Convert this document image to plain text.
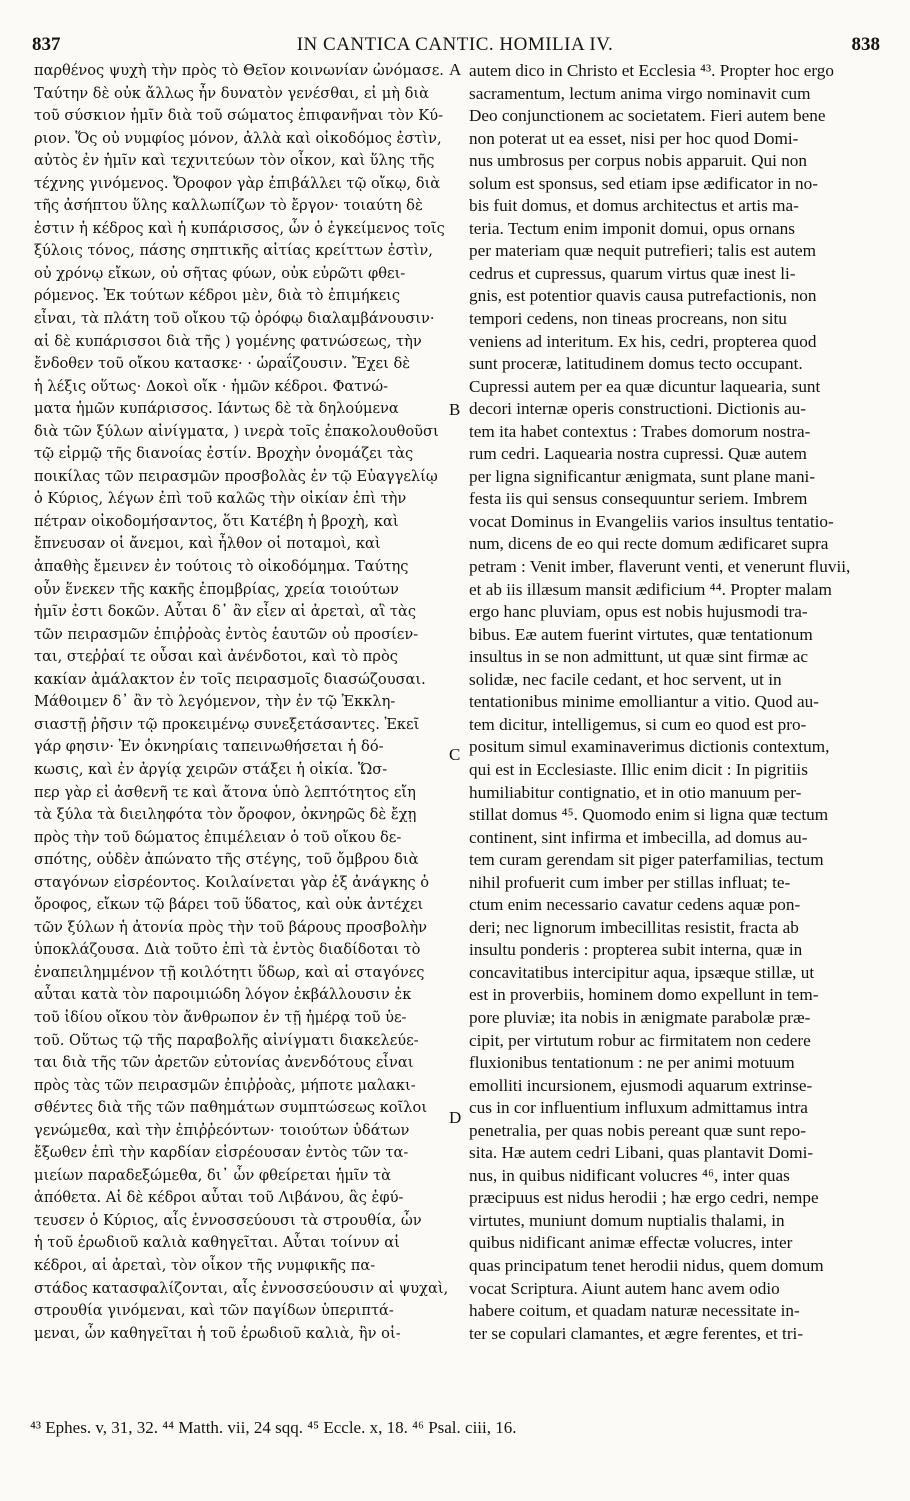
837	IN CANTICA CANTIC. HOMILIA IV.	838
παρθένος ψυχὴ τὴν πρὸς τὸ Θεῖον κοινωνίαν ὠνόμασε.
Ταύτην δὲ οὐκ ἄλλως ἦν δυνατὸν γενέσθαι, εἰ μὴ διὰ
τοῦ σύσκιον ἡμῖν διὰ τοῦ σώματος ἐπιφανῆναι τὸν Κύ-
ριον. Ὅς οὐ νυμφίος μόνον, ἀλλὰ καὶ οἰκοδόμος ἐστὶν,
αὐτὸς ἐν ἡμῖν καὶ τεχνιτεύων τὸν οἶκον, καὶ ὕλης τῆς
τέχνης γινόμενος. Ὄροφον γὰρ ἐπιβάλλει τῷ οἴκῳ, διὰ
τῆς ἀσήπτου ὕλης καλλωπίζων τὸ ἔργον· τοιαύτη δὲ
ἐστιν ἡ κέδρος καὶ ἡ κυπάρισσος, ὧν ὁ ἐγκείμενος τοῖς
ξύλοις τόνος, πάσης σηπτικῆς αἰτίας κρείττων ἐστὶν,
οὐ χρόνῳ εἴκων, οὐ σῆτας φύων, οὐκ εὐρῶτι φθει-
ρόμενος. Ἐκ τούτων κέδροι μὲν, διὰ τὸ ἐπιμήκεις
εἶναι, τὰ πλάτη τοῦ οἴκου τῷ ὀρόφῳ διαλαμβάνουσιν·
αἱ δὲ κυπάρισσοι διὰ τῆς ) γομένης φατνώσεως, τὴν
ἔνδοθεν τοῦ οἴκου κατασκε· · ὡραΐζουσιν. Ἔχει δὲ
ἡ λέξις οὕτως· Δοκοὶ οἴκ · ἡμῶν κέδροι. Φατνώ-
ματα ἡμῶν κυπάρισσος. Ιάντως δὲ τὰ δηλούμενα
διὰ τῶν ξύλων αἰνίγματα, ) ινερὰ τοῖς ἐπακολουθοῦσι
τῷ εἱρμῷ τῆς διανοίας ἐστίν. Βροχὴν ὀνομάζει τὰς
ποικίλας τῶν πειρασμῶν προσβολὰς ἐν τῷ Εὐαγγελίῳ
ὁ Κύριος, λέγων ἐπὶ τοῦ καλῶς τὴν οἰκίαν ἐπὶ τὴν
πέτραν οἰκοδομήσαντος, ὅτι Κατέβη ἡ βροχὴ, καὶ
ἔπνευσαν οἱ ἄνεμοι, καὶ ἦλθον οἱ ποταμοὶ, καὶ
ἀπαθὴς ἔμεινεν ἐν τούτοις τὸ οἰκοδόμημα. Ταύτης
οὖν ἕνεκεν τῆς κακῆς ἐπομβρίας, χρεία τοιούτων
ἡμῖν ἐστι δοκῶν. Αὗται δ᾽ ἂν εἶεν αἱ ἀρεταὶ, αἳ τὰς
τῶν πειρασμῶν ἐπιῤῥοὰς ἐντὸς ἑαυτῶν οὐ προσίεν-
ται, στεῤῥαί τε οὖσαι καὶ ἀνένδοτοι, καὶ τὸ πρὸς
κακίαν ἀμάλακτον ἐν τοῖς πειρασμοῖς διασώζουσαι.
Μάθοιμεν δ᾽ ἂν τὸ λεγόμενον, τὴν ἐν τῷ Ἐκκλη-
σιαστῇ ῥῆσιν τῷ προκειμένῳ συνεξετάσαντες. Ἐκεῖ
γάρ φησιν· Ἐν ὀκνηρίαις ταπεινωθήσεται ἡ δό-
κωσις, καὶ ἐν ἀργίᾳ χειρῶν στάξει ἡ οἰκία. Ὥσ-
περ γὰρ εἰ ἀσθενῆ τε καὶ ἄτονα ὑπὸ λεπτότητος εἴη
τὰ ξύλα τὰ διειληφότα τὸν ὄροφον, ὀκνηρῶς δὲ ἔχῃ
πρὸς τὴν τοῦ δώματος ἐπιμέλειαν ὁ τοῦ οἴκου δε-
σπότης, οὐδὲν ἀπώνατο τῆς στέγης, τοῦ ὄμβρου διὰ
σταγόνων εἰσρέοντος. Κοιλαίνεται γὰρ ἐξ ἀνάγκης ὁ
ὄροφος, εἴκων τῷ βάρει τοῦ ὕδατος, καὶ οὐκ ἀντέχει
τῶν ξύλων ἡ ἀτονία πρὸς τὴν τοῦ βάρους προσβολὴν
ὑποκλάζουσα. Διὰ τοῦτο ἐπὶ τὰ ἐντὸς διαδίδοται τὸ
ἐναπειλημμένον τῇ κοιλότητι ὕδωρ, καὶ αἱ σταγόνες
αὗται κατὰ τὸν παροιμιώδη λόγον ἐκβάλλουσιν ἐκ
τοῦ ἰδίου οἴκου τὸν ἄνθρωπον ἐν τῇ ἡμέρᾳ τοῦ ὑε-
τοῦ. Οὕτως τῷ τῆς παραβολῆς αἰνίγματι διακελεύε-
ται διὰ τῆς τῶν ἀρετῶν εὐτονίας ἀνενδότους εἶναι
πρὸς τὰς τῶν πειρασμῶν ἐπιῤῥοὰς, μήποτε μαλακι-
σθέντες διὰ τῆς τῶν παθημάτων συμπτώσεως κοῖλοι
γενώμεθα, καὶ τὴν ἐπιῤῥεόντων· τοιούτων ὑδάτων
ἔξωθεν ἐπὶ τὴν καρδίαν εἰσρέουσαν ἐντὸς τῶν τα-
μιείων παραδεξώμεθα, δι᾽ ὧν φθείρεται ἡμῖν τὰ
ἀπόθετα. Αἱ δὲ κέδροι αὗται τοῦ Λιβάνου, ἃς ἐφύ-
τευσεν ὁ Κύριος, αἷς ἐννοσσεύουσι τὰ στρουθία, ὧν
ἡ τοῦ ἐρωδιοῦ καλιὰ καθηγεῖται. Αὗται τοίνυν αἱ
κέδροι, αἱ ἀρεταὶ, τὸν οἶκον τῆς νυμφικῆς πα-
στάδος κατασφαλίζονται, αἷς ἐννοσσεύουσιν αἱ ψυχαὶ,
στρουθία γινόμεναι, καὶ τῶν παγίδων ὑπεριπτά-
μεναι, ὧν καθηγεῖται ἡ τοῦ ἐρωδιοῦ καλιὰ, ἣν οἱ-
autem dico in Christo et Ecclesia ⁴³. Propter hoc ergo
sacramentum, lectum anima virgo nominavit cum
Deo conjunctionem ac societatem. Fieri autem bene
non poterat ut ea esset, nisi per hoc quod Domi-
nus umbrosus per corpus nobis apparuit. Qui non
solum est sponsus, sed etiam ipse ædificator in no-
bis fuit domus, et domus architectus et artis ma-
teria. Tectum enim imponit domui, opus ornans
per materiam quæ nequit putrefieri; talis est autem
cedrus et cupressus, quarum virtus quæ inest li-
gnis, est potentior quavis causa putrefactionis, non
tempori cedens, non tineas procreans, non situ
veniens ad interitum. Ex his, cedri, propterea quod
sunt proceræ, latitudinem domus tecto occupant.
Cupressi autem per ea quæ dicuntur laquearia, sunt
decori internæ operis constructioni. Dictionis au-
tem ita habet contextus : Trabes domorum nostra-
rum cedri. Laquearia nostra cupressi. Quæ autem
per ligna significantur ænigmata, sunt plane mani-
festa iis qui sensus consequuntur seriem. Imbrem
vocat Dominus in Evangeliis varios insultus tentatio-
num, dicens de eo qui recte domum ædificaret supra
petram : Venit imber, flaverunt venti, et venerunt fluvii,
et ab iis illæsum mansit ædificium ⁴⁴. Propter malam
ergo hanc pluviam, opus est nobis hujusmodi tra-
bibus. Eæ autem fuerint virtutes, quæ tentationum
insultus in se non admittunt, ut quæ sint firmæ ac
solidæ, nec facile cedant, et hoc servent, ut in
tentationibus minime emolliantur a vitio. Quod au-
tem dicitur, intelligemus, si cum eo quod est pro-
positum simul examinaverimus dictionis contextum,
qui est in Ecclesiaste. Illic enim dicit : In pigritiis
humiliabitur contignatio, et in otio manuum per-
stillat domus ⁴⁵. Quomodo enim si ligna quæ tectum
continent, sint infirma et imbecilla, ad domus au-
tem curam gerendam sit piger paterfamilias, tectum
nihil profuerit cum imber per stillas influat; te-
ctum enim necessario cavatur cedens aquæ pon-
deri; nec lignorum imbecillitas resistit, fracta ab
insultu ponderis : propterea subit interna, quæ in
concavitatibus intercipitur aqua, ipsæque stillæ, ut
est in proverbiis, hominem domo expellunt in tem-
pore pluviæ; ita nobis in ænigmate parabolæ præ-
cipit, per virtutum robur ac firmitatem non cedere
fluxionibus tentationum : ne per animi motuum
emolliti incursionem, ejusmodi aquarum extrinse-
cus in cor influentium influxum admittamus intra
penetralia, per quas nobis pereant quæ sunt repo-
sita. Hæ autem cedri Libani, quas plantavit Domi-
nus, in quibus nidificant volucres ⁴⁶, inter quas
præcipuus est nidus herodii ; hæ ergo cedri, nempe
virtutes, muniunt domum nuptialis thalami, in
quibus nidificant animæ effectæ volucres, inter
quas principatum tenet herodii nidus, quem domum
vocat Scriptura. Aiunt autem hanc avem odio
habere coitum, et quadam naturæ necessitate in-
ter se copulari clamantes, et ægre ferentes, et tri-
A
B
C
D
⁴³ Ephes. v, 31, 32. ⁴⁴ Matth. vii, 24 sqq. ⁴⁵ Eccle. x, 18. ⁴⁶ Psal. ciii, 16.
